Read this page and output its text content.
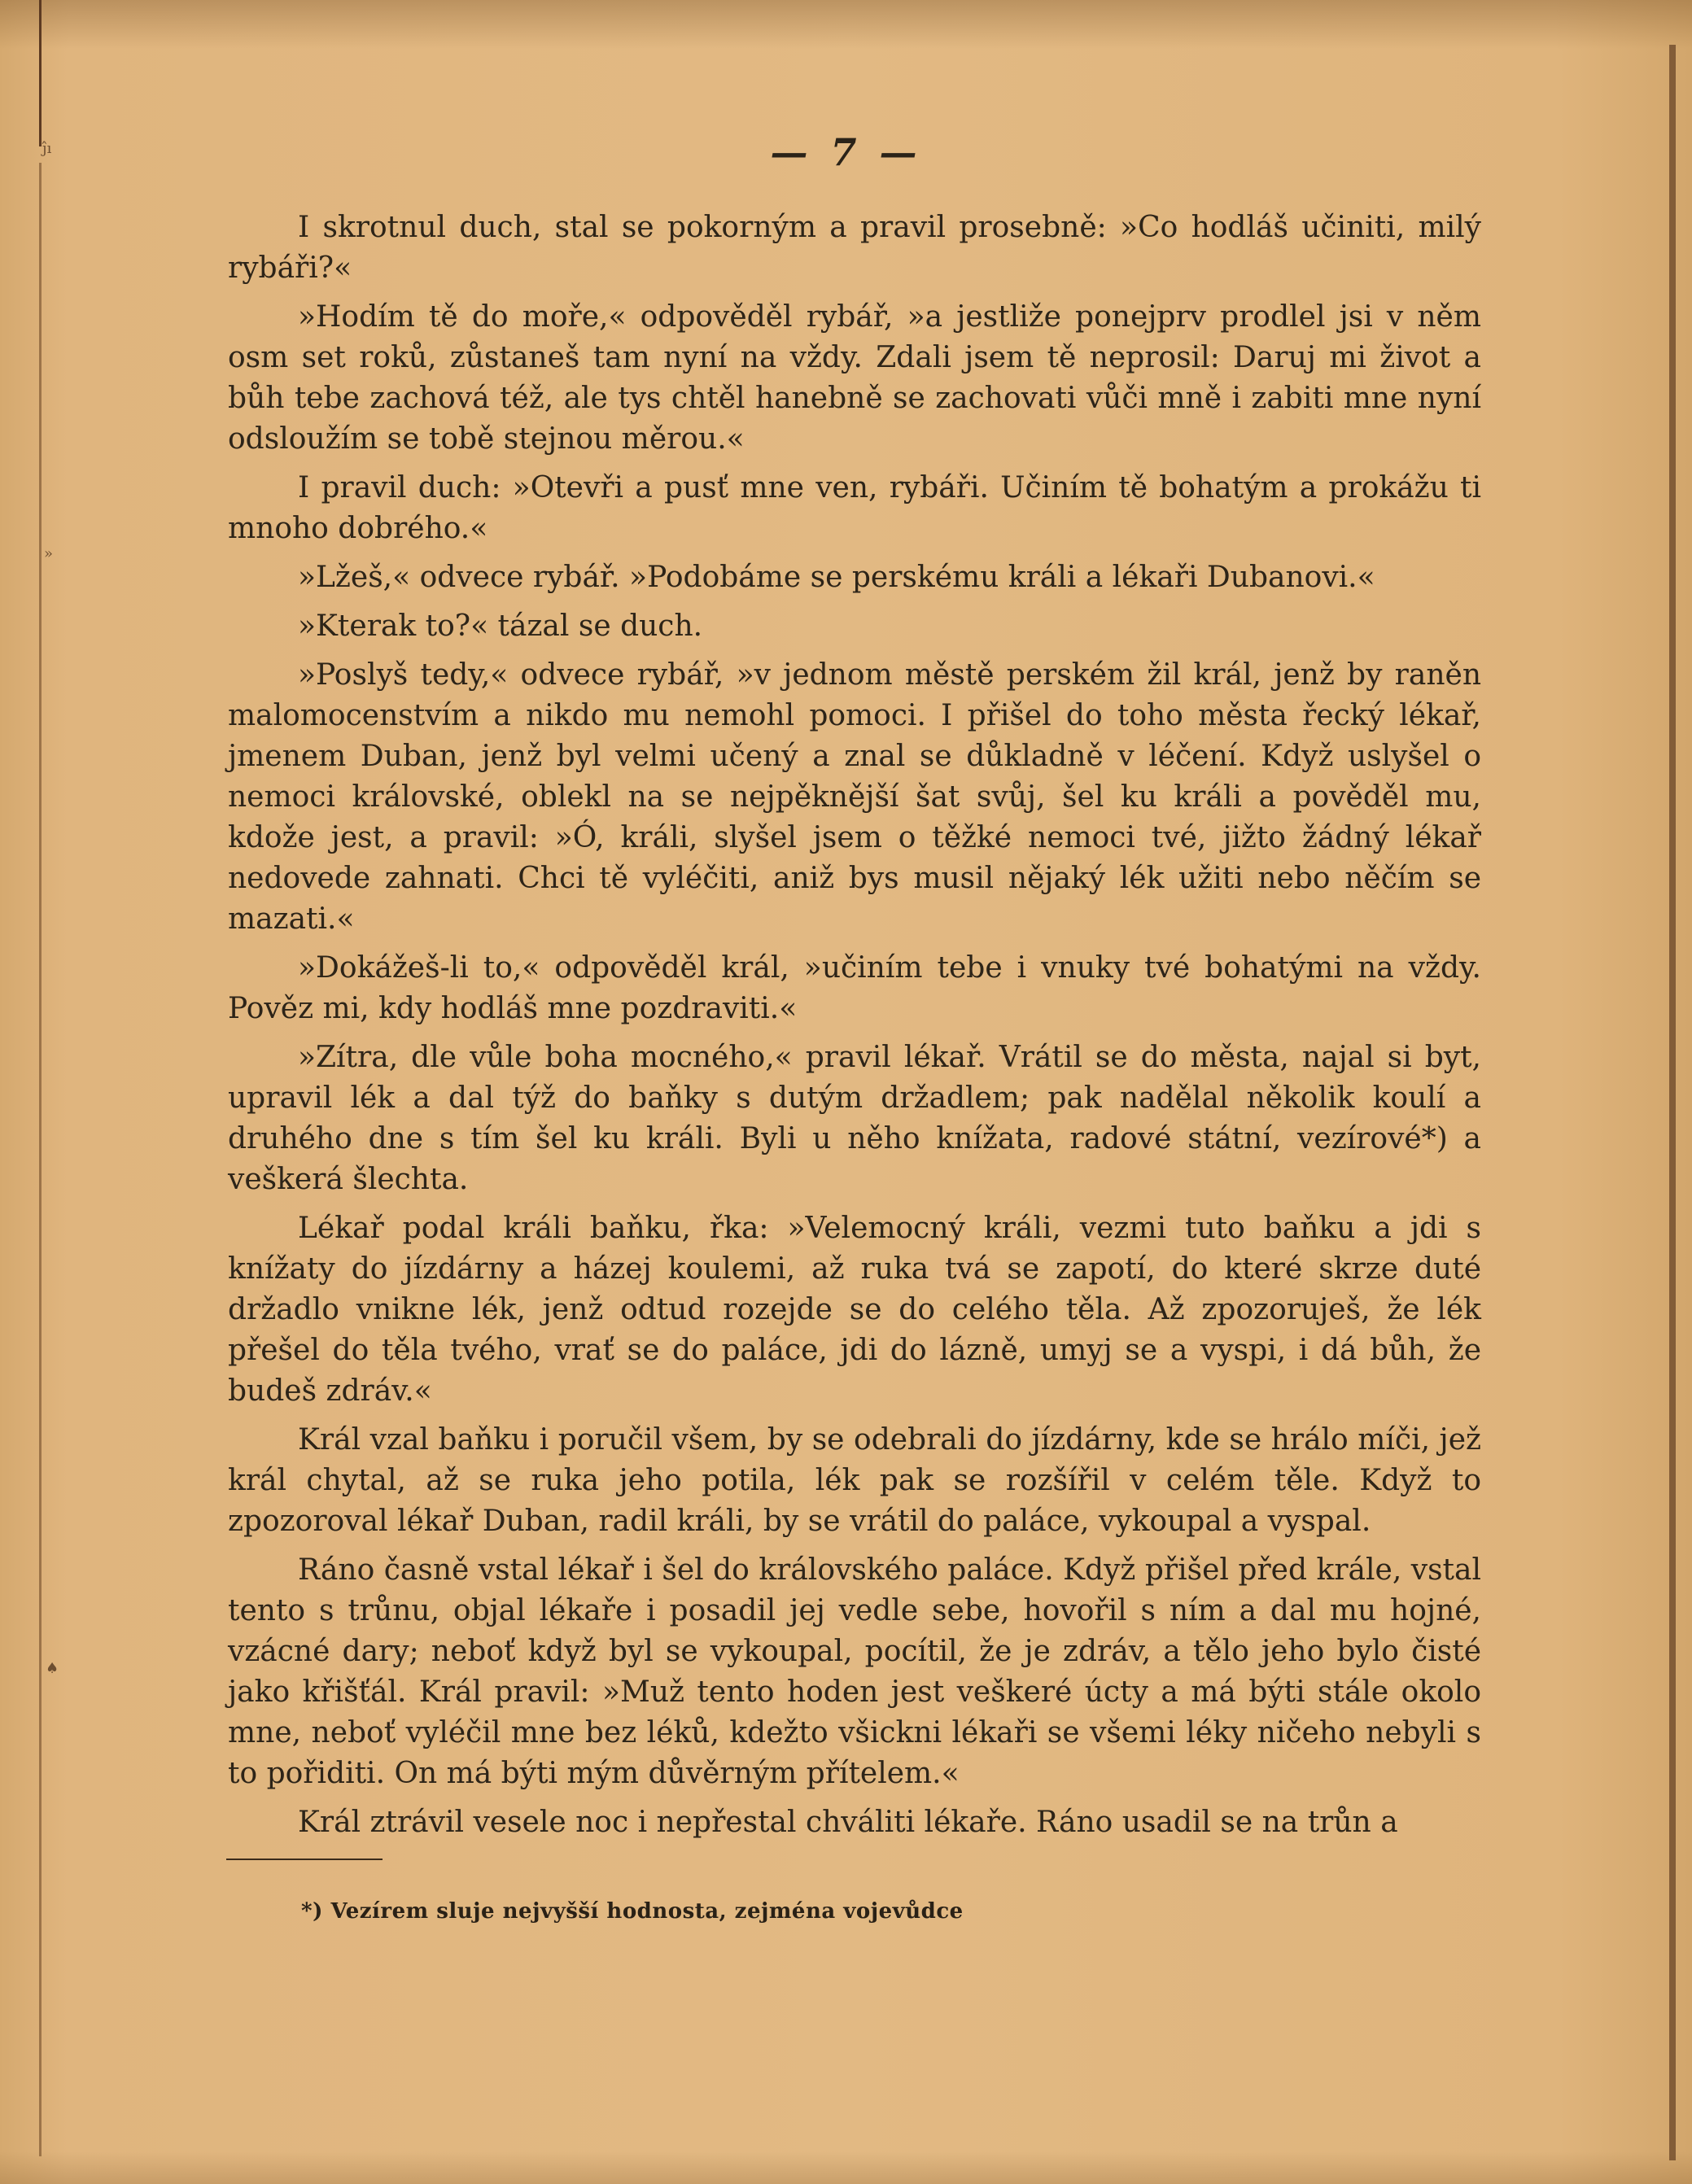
ĵı
»
♠
— 7 —

I skrotnul duch, stal se pokorným a pravil prosebně: »Co hodláš učiniti, milý rybáři?«

»Hodím tě do moře,« odpověděl rybář, »a jestliže ponejprv prodlel jsi v něm osm set roků, zůstaneš tam nyní na vždy. Zdali jsem tě neprosil: Daruj mi život a bůh tebe zachová též, ale tys chtěl hanebně se zachovati vůči mně i zabiti mne nyní odsloužím se tobě stejnou měrou.«

I pravil duch: »Otevři a pusť mne ven, rybáři. Učiním tě bohatým a prokážu ti mnoho dobrého.«

»Lžeš,« odvece rybář. »Podobáme se perskému králi a lékaři Dubanovi.«

»Kterak to?« tázal se duch.

»Poslyš tedy,« odvece rybář, »v jednom městě perském žil král, jenž by raněn malomocenstvím a nikdo mu nemohl pomoci. I přišel do toho města řecký lékař, jmenem Duban, jenž byl velmi učený a znal se důkladně v léčení. Když uslyšel o nemoci královské, oblekl na se nejpěknější šat svůj, šel ku králi a pověděl mu, kdože jest, a pravil: »Ó, králi, slyšel jsem o těžké nemoci tvé, jižto žádný lékař nedovede zahnati. Chci tě vyléčiti, aniž bys musil nějaký lék užiti nebo něčím se mazati.«

»Dokážeš-li to,« odpověděl král, »učiním tebe i vnuky tvé bohatými na vždy. Pověz mi, kdy hodláš mne pozdraviti.«

»Zítra, dle vůle boha mocného,« pravil lékař. Vrátil se do města, najal si byt, upravil lék a dal týž do baňky s dutým držadlem; pak nadělal několik koulí a druhého dne s tím šel ku králi. Byli u něho knížata, radové státní, vezírové*) a veškerá šlechta.

Lékař podal králi baňku, řka: »Velemocný králi, vezmi tuto baňku a jdi s knížaty do jízdárny a házej koulemi, až ruka tvá se zapotí, do které skrze duté držadlo vnikne lék, jenž odtud rozejde se do celého těla. Až zpozoruješ, že lék přešel do těla tvého, vrať se do paláce, jdi do lázně, umyj se a vyspi, i dá bůh, že budeš zdráv.«

Král vzal baňku i poručil všem, by se odebrali do jízdárny, kde se hrálo míči, jež král chytal, až se ruka jeho potila, lék pak se rozšířil v celém těle. Když to zpozoroval lékař Duban, radil králi, by se vrátil do paláce, vykoupal a vyspal.

Ráno časně vstal lékař i šel do královského paláce. Když přišel před krále, vstal tento s trůnu, objal lékaře i posadil jej vedle sebe, hovořil s ním a dal mu hojné, vzácné dary; neboť když byl se vykoupal, pocítil, že je zdráv, a tělo jeho bylo čisté jako křišťál. Král pravil: »Muž tento hoden jest veškeré úcty a má býti stále okolo mne, neboť vyléčil mne bez léků, kdežto všickni lékaři se všemi léky ničeho nebyli s to pořiditi. On má býti mým důvěrným přítelem.«

Král ztrávil vesele noc i nepřestal chváliti lékaře. Ráno usadil se na trůn a

*) Vezírem sluje nejvyšší hodnosta, zejména vojevůdce
